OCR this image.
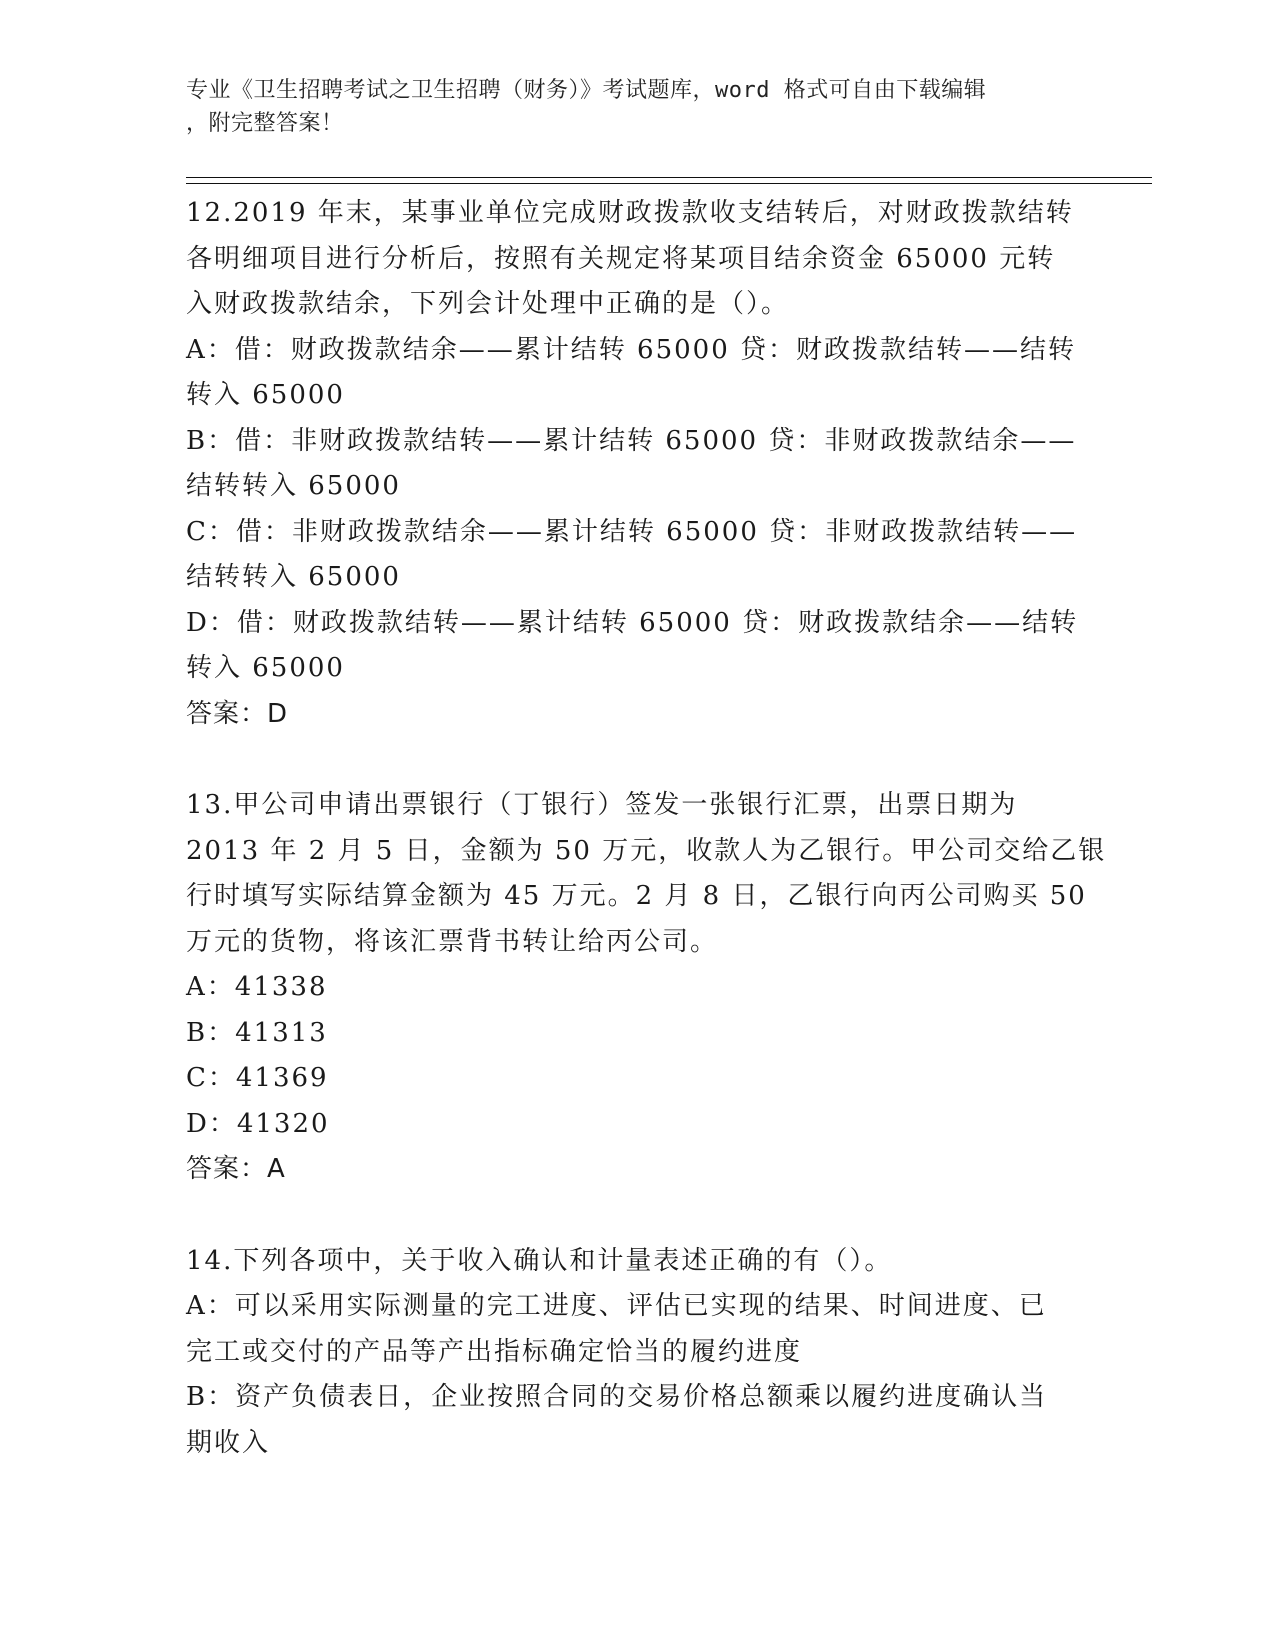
专业《卫生招聘考试之卫生招聘（财务）》考试题库，word 格式可自由下载编辑
，附完整答案！
12.2019 年末，某事业单位完成财政拨款收支结转后，对财政拨款结转
各明细项目进行分析后，按照有关规定将某项目结余资金 65000 元转
入财政拨款结余，下列会计处理中正确的是（）。
A：借：财政拨款结余——累计结转 65000 贷：财政拨款结转——结转
转入 65000
B：借：非财政拨款结转——累计结转 65000 贷：非财政拨款结余——
结转转入 65000
C：借：非财政拨款结余——累计结转 65000 贷：非财政拨款结转——
结转转入 65000
D：借：财政拨款结转——累计结转 65000 贷：财政拨款结余——结转
转入 65000
答案：D
13.甲公司申请出票银行（丁银行）签发一张银行汇票，出票日期为
2013 年 2 月 5 日，金额为 50 万元，收款人为乙银行。甲公司交给乙银
行时填写实际结算金额为 45 万元。2 月 8 日，乙银行向丙公司购买 50
万元的货物，将该汇票背书转让给丙公司。
A：41338
B：41313
C：41369
D：41320
答案：A
14.下列各项中，关于收入确认和计量表述正确的有（）。
A：可以采用实际测量的完工进度、评估已实现的结果、时间进度、已
完工或交付的产品等产出指标确定恰当的履约进度
B：资产负债表日，企业按照合同的交易价格总额乘以履约进度确认当
期收入
